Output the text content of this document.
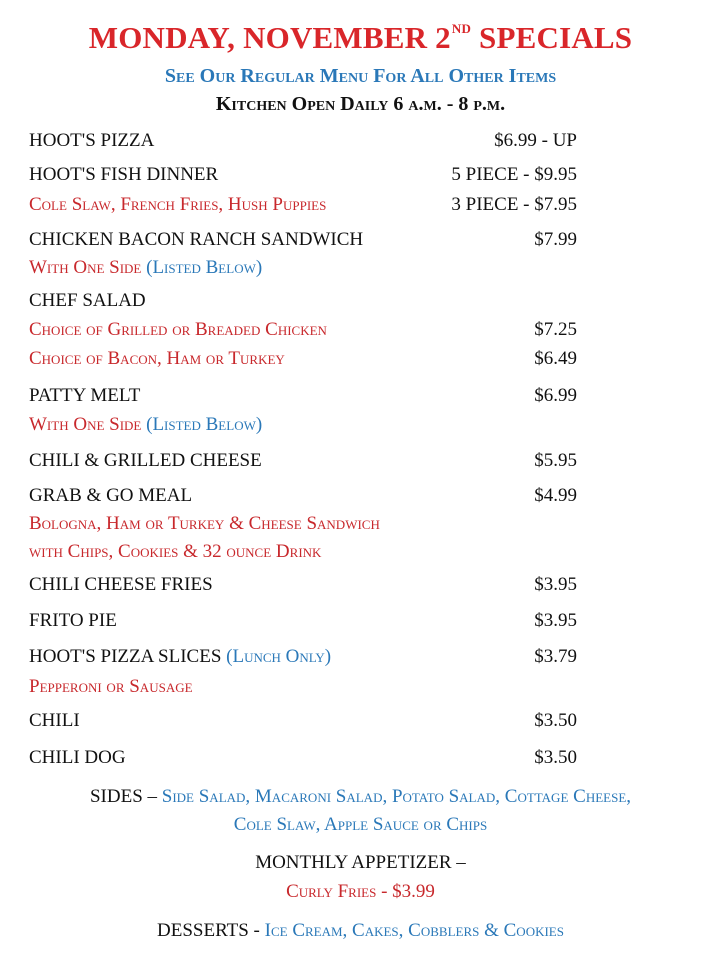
MONDAY, NOVEMBER 2ND SPECIALS
See Our Regular Menu For All Other Items
Kitchen Open Daily 6 a.m. - 8 p.m.
HOOT'S PIZZA	$6.99 - UP
HOOT'S FISH DINNER	5 PIECE - $9.95
Cole Slaw, French Fries, Hush Puppies	3 PIECE - $7.95
CHICKEN BACON RANCH SANDWICH	$7.99
With One Side (Listed Below)
CHEF SALAD
Choice of Grilled or Breaded Chicken	$7.25
Choice of Bacon, Ham or Turkey	$6.49
PATTY MELT	$6.99
With One Side (Listed Below)
CHILI & GRILLED CHEESE	$5.95
GRAB & GO MEAL	$4.99
Bologna, Ham or Turkey & Cheese Sandwich
with Chips, Cookies & 32 ounce Drink
CHILI CHEESE FRIES	$3.95
FRITO PIE	$3.95
HOOT'S PIZZA SLICES (Lunch Only)	$3.79
Pepperoni or Sausage
CHILI	$3.50
CHILI DOG	$3.50
SIDES – Side Salad, Macaroni Salad, Potato Salad, Cottage Cheese,
Cole Slaw, Apple Sauce or Chips
MONTHLY APPETIZER –
Curly Fries - $3.99
DESSERTS - Ice Cream, Cakes, Cobblers & Cookies
